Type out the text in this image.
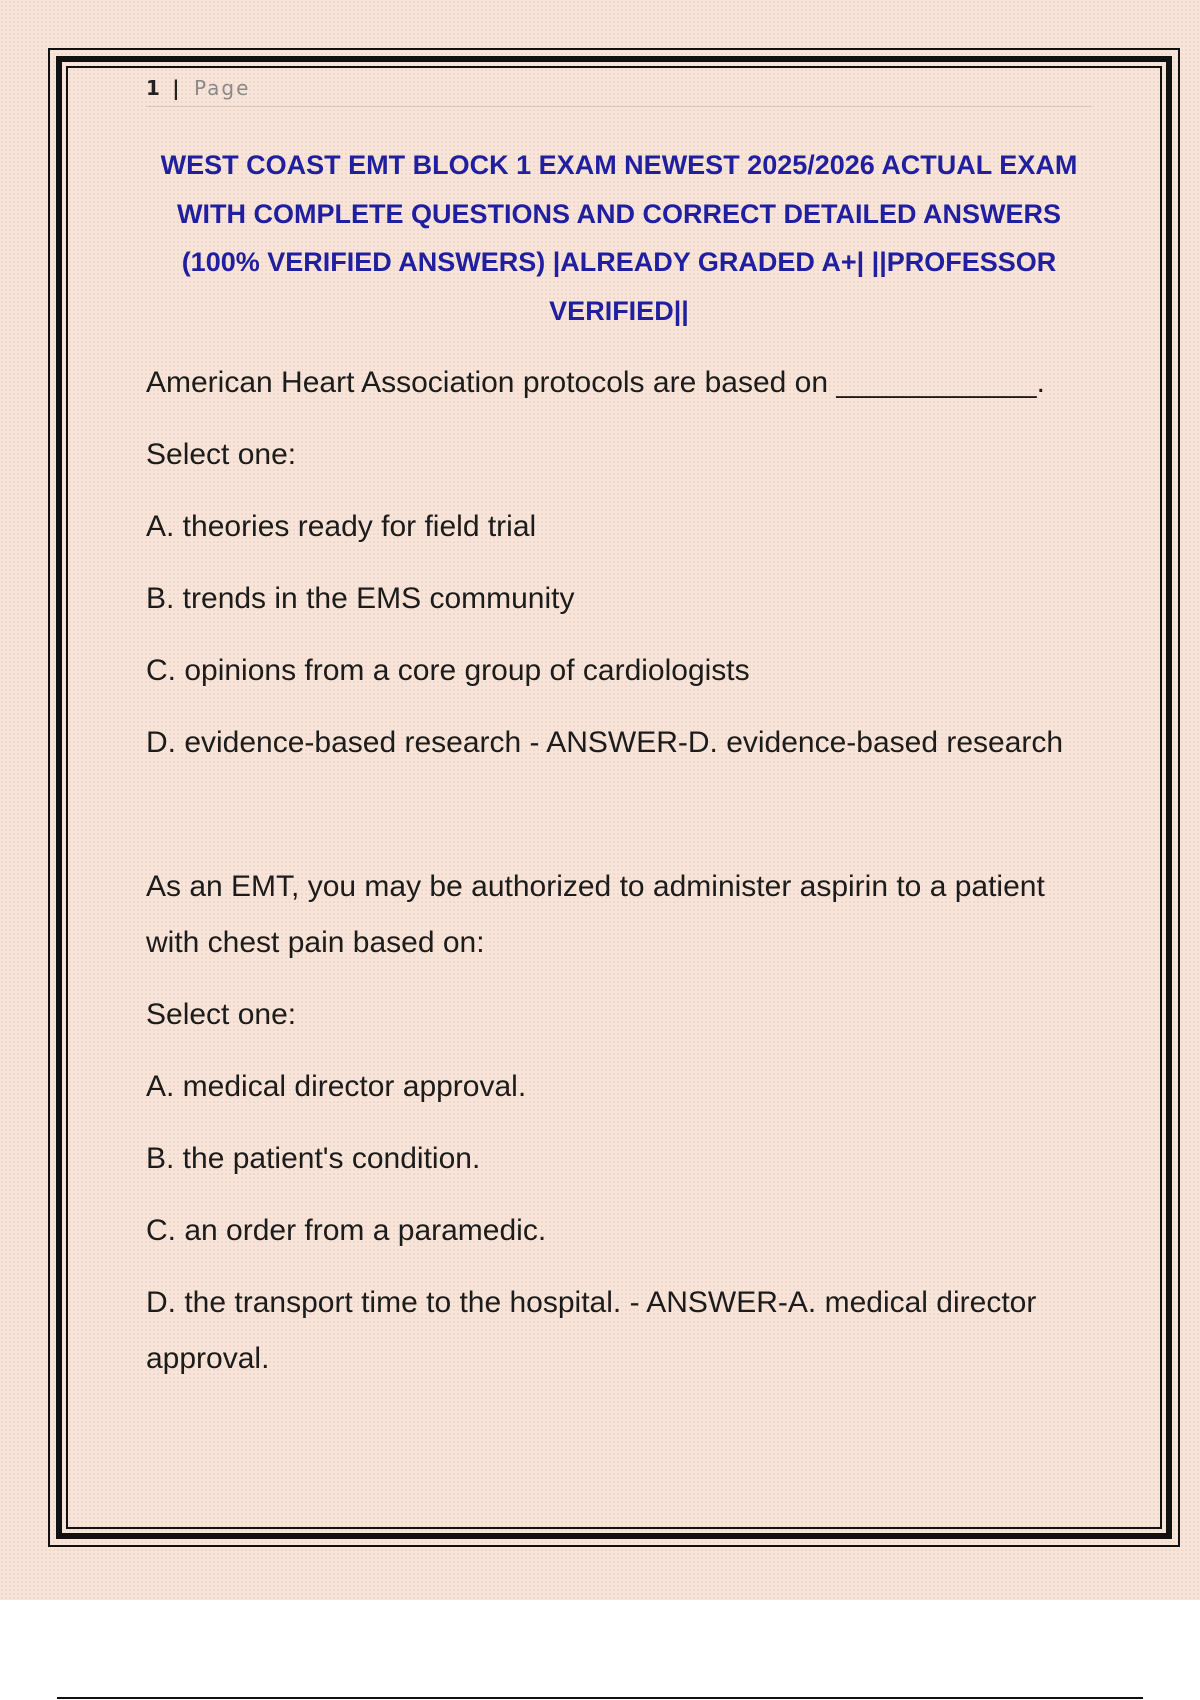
1 | Page
WEST COAST EMT BLOCK 1 EXAM NEWEST 2025/2026 ACTUAL EXAM WITH COMPLETE QUESTIONS AND CORRECT DETAILED ANSWERS (100% VERIFIED ANSWERS) |ALREADY GRADED A+| ||PROFESSOR VERIFIED||

American Heart Association protocols are based on ____________.

Select one:
A. theories ready for field trial
B. trends in the EMS community
C. opinions from a core group of cardiologists
D. evidence-based research - ANSWER-D. evidence-based research

As an EMT, you may be authorized to administer aspirin to a patient with chest pain based on:

Select one:
A. medical director approval.
B. the patient's condition.
C. an order from a paramedic.
D. the transport time to the hospital. - ANSWER-A. medical director approval.
